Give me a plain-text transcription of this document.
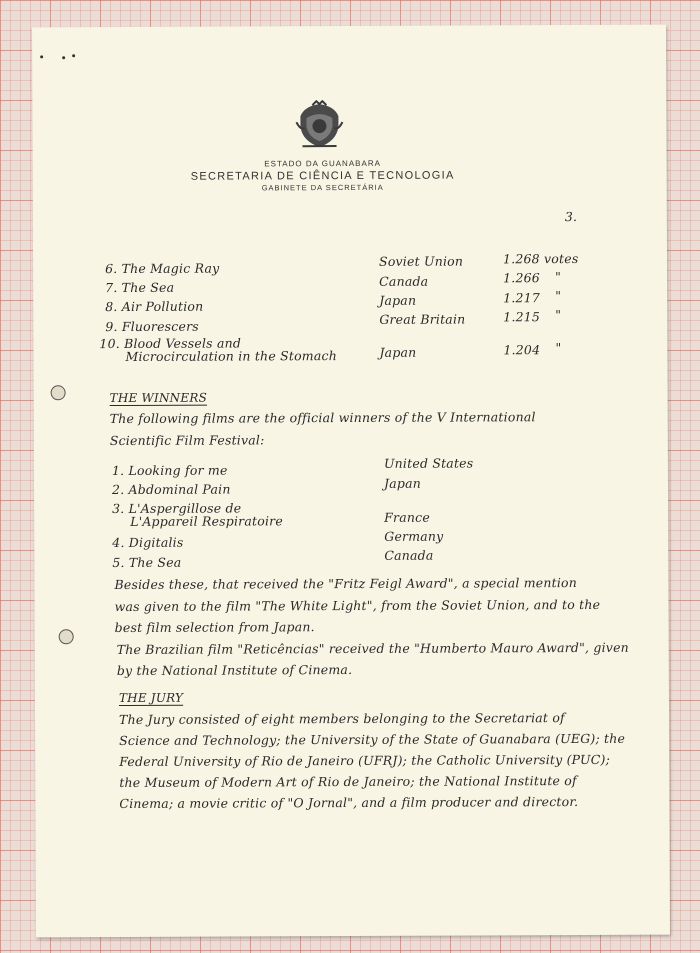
ESTADO DA GUANABARA
SECRETARIA DE CIÊNCIA E TECNOLOGIA
GABINETE DA SECRETÁRIA
3.
6. The Magic Ray	Soviet Union	1.268 votes
7. The Sea	Canada	1.266 "
8. Air Pollution	Japan	1.217 "
9. Fluorescers	Great Britain	1.215 "
10. Blood Vessels and
Microcirculation in the Stomach	Japan	1.204 "
THE WINNERS
The following films are the official winners of the V International
Scientific Film Festival:
1. Looking for me	United States
2. Abdominal Pain	Japan
3. L'Aspergillose de
L'Appareil Respiratoire	France
4. Digitalis	Germany
5. The Sea	Canada
Besides these, that received the "Fritz Feigl Award", a special mention
was given to the film "The White Light", from the Soviet Union, and to the
best film selection from Japan.
The Brazilian film "Reticências" received the "Humberto Mauro Award", given
by the National Institute of Cinema.
THE JURY
The Jury consisted of eight members belonging to the Secretariat of
Science and Technology; the University of the State of Guanabara (UEG); the
Federal University of Rio de Janeiro (UFRJ); the Catholic University (PUC);
the Museum of Modern Art of Rio de Janeiro; the National Institute of
Cinema; a movie critic of "O Jornal", and a film producer and director.
